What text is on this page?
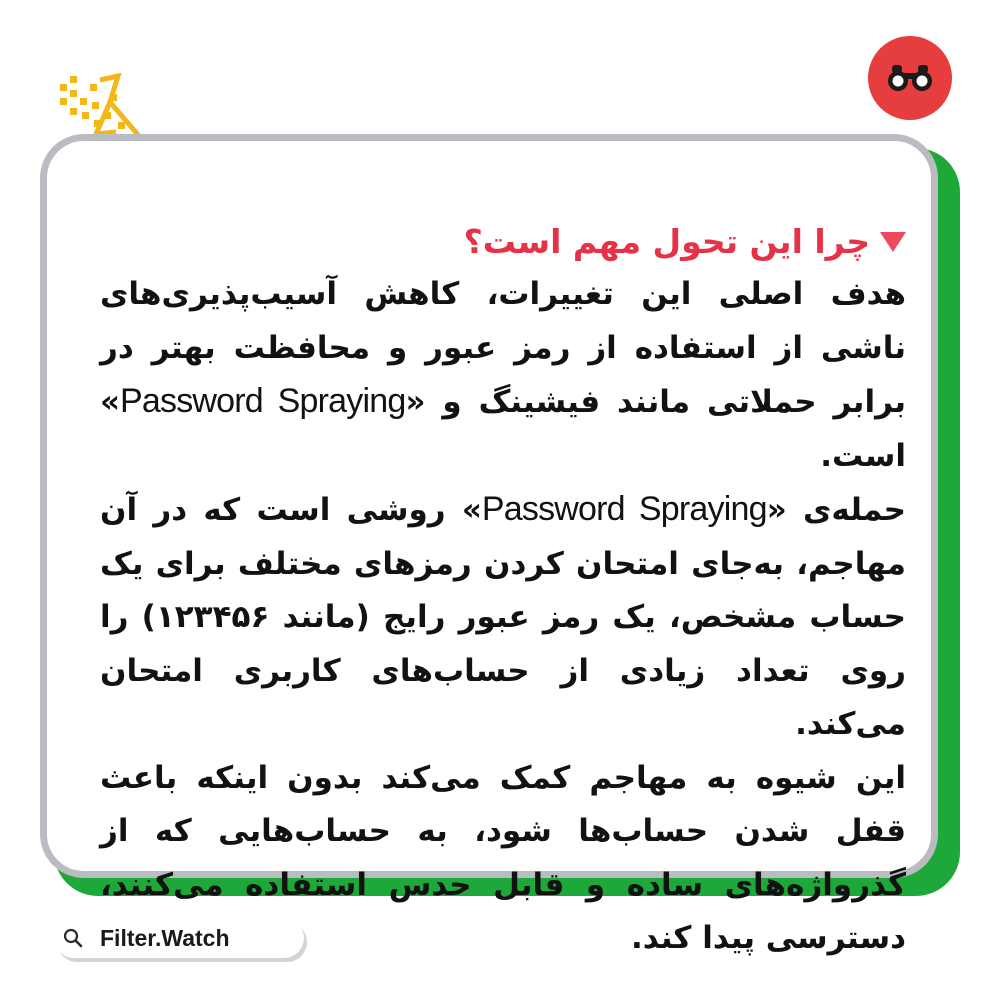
چرا این تحول مهم است؟

هدف اصلی این تغییرات، کاهش آسیب‌پذیری‌های ناشی از استفاده از رمز عبور و محافظت بهتر در برابر حملاتی مانند فیشینگ و «Password Spraying» است.

حمله‌ی «Password Spraying» روشی است که در آن مهاجم، به‌جای امتحان کردن رمزهای مختلف برای یک حساب مشخص، یک رمز عبور رایج (مانند ۱۲۳۴۵۶) را روی تعداد زیادی از حساب‌های کاربری امتحان می‌کند.

این شیوه به مهاجم کمک می‌کند بدون اینکه باعث قفل شدن حساب‌ها شود، به حساب‌هایی که از گذرواژه‌های ساده و قابل حدس استفاده می‌کنند، دسترسی پیدا کند.

Filter.Watch
